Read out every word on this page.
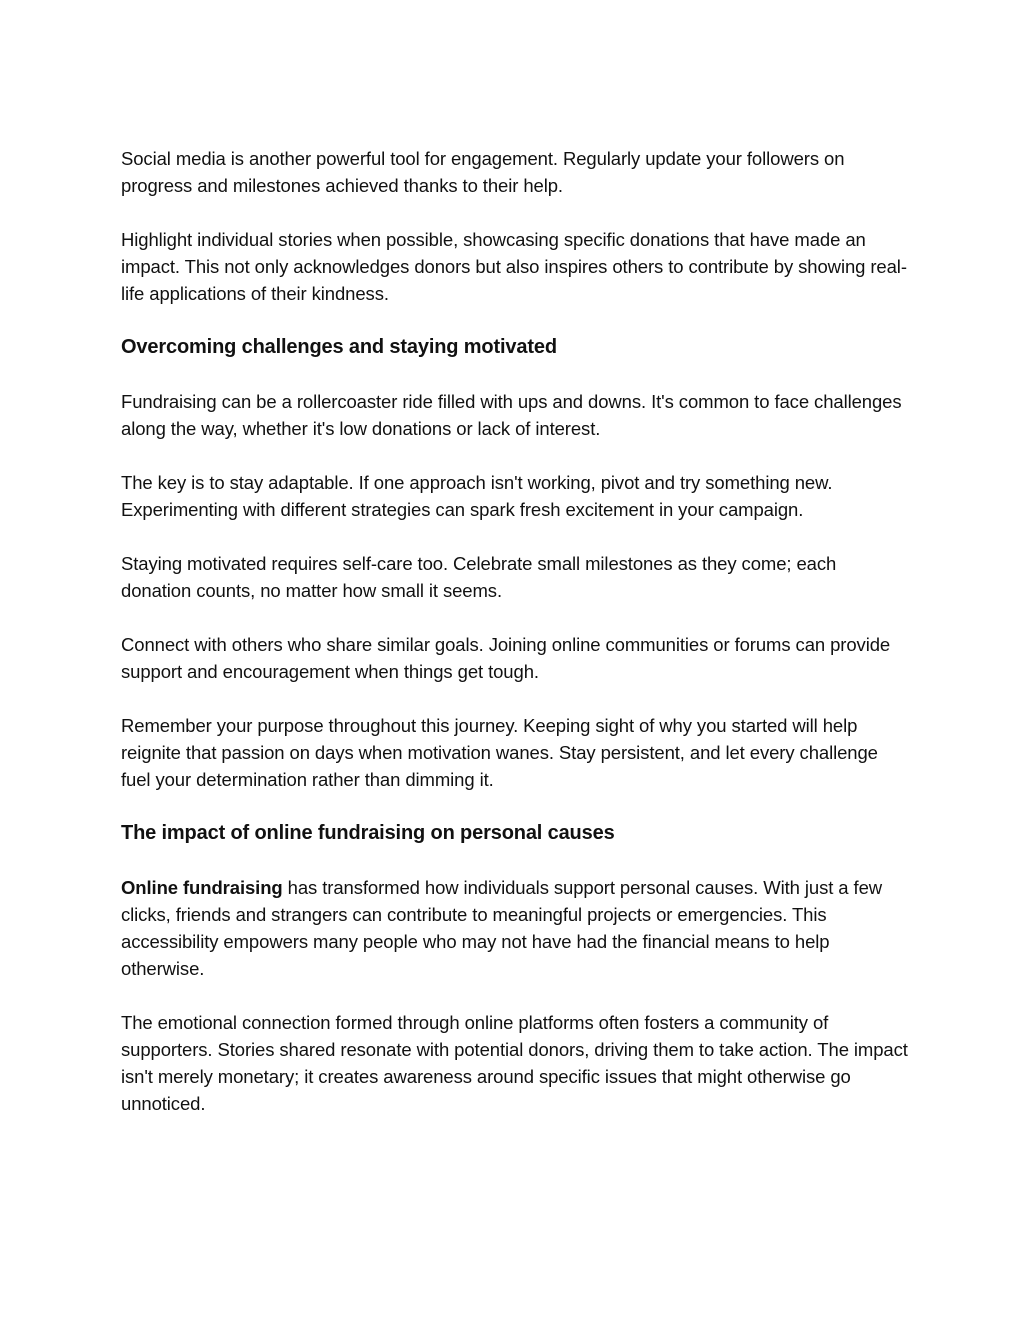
Social media is another powerful tool for engagement. Regularly update your followers on progress and milestones achieved thanks to their help.

Highlight individual stories when possible, showcasing specific donations that have made an impact. This not only acknowledges donors but also inspires others to contribute by showing real-life applications of their kindness.

Overcoming challenges and staying motivated

Fundraising can be a rollercoaster ride filled with ups and downs. It's common to face challenges along the way, whether it's low donations or lack of interest.

The key is to stay adaptable. If one approach isn't working, pivot and try something new. Experimenting with different strategies can spark fresh excitement in your campaign.

Staying motivated requires self-care too. Celebrate small milestones as they come; each donation counts, no matter how small it seems.

Connect with others who share similar goals. Joining online communities or forums can provide support and encouragement when things get tough.

Remember your purpose throughout this journey. Keeping sight of why you started will help reignite that passion on days when motivation wanes. Stay persistent, and let every challenge fuel your determination rather than dimming it.

The impact of online fundraising on personal causes

Online fundraising has transformed how individuals support personal causes. With just a few clicks, friends and strangers can contribute to meaningful projects or emergencies. This accessibility empowers many people who may not have had the financial means to help otherwise.

The emotional connection formed through online platforms often fosters a community of supporters. Stories shared resonate with potential donors, driving them to take action. The impact isn't merely monetary; it creates awareness around specific issues that might otherwise go unnoticed.
